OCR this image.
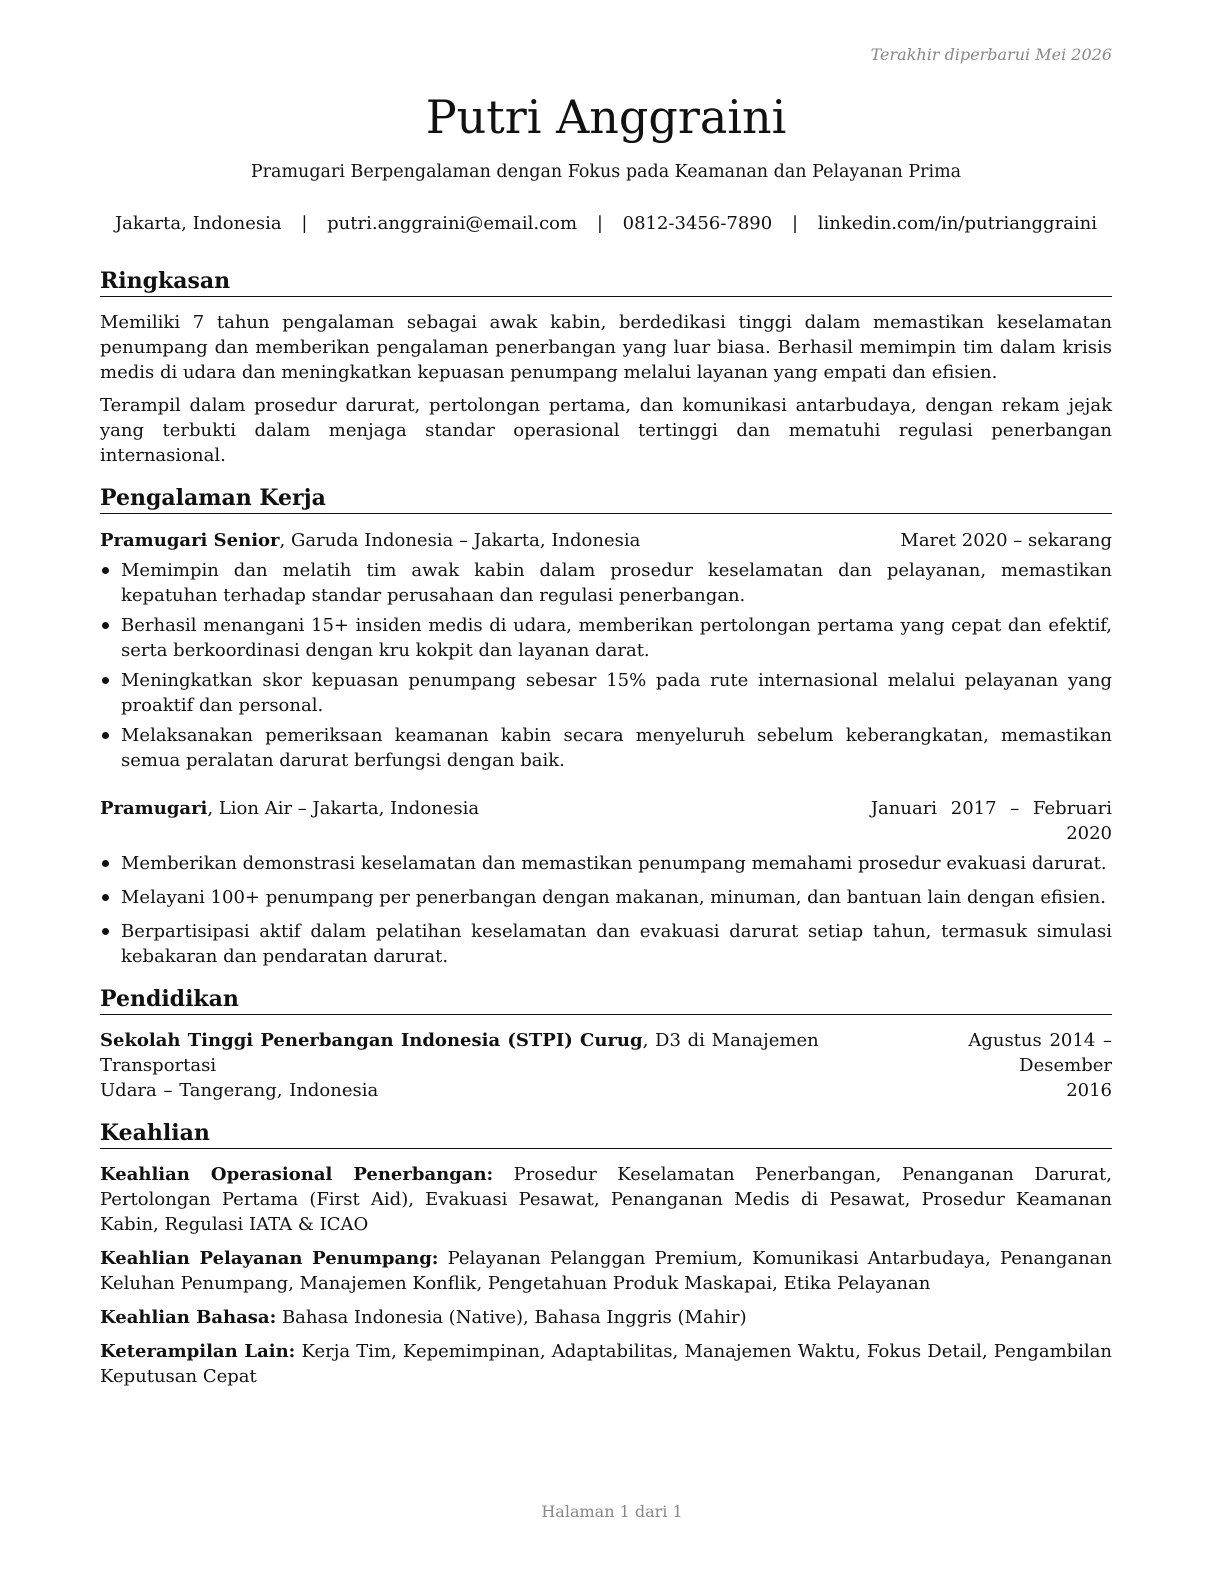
Terakhir diperbarui Mei 2026
Putri Anggraini
Pramugari Berpengalaman dengan Fokus pada Keamanan dan Pelayanan Prima
Jakarta, Indonesia | putri.anggraini@email.com | 0812-3456-7890 | linkedin.com/in/putrianggraini
Ringkasan

Memiliki 7 tahun pengalaman sebagai awak kabin, berdedikasi tinggi dalam memastikan keselamatan penumpang dan memberikan pengalaman penerbangan yang luar biasa. Berhasil memimpin tim dalam krisis medis di udara dan meningkatkan kepuasan penumpang melalui layanan yang empati dan efisien.

Terampil dalam prosedur darurat, pertolongan pertama, dan komunikasi antarbudaya, dengan rekam jejak yang terbukti dalam menjaga standar operasional tertinggi dan mematuhi regulasi penerbangan internasional.

Pengalaman Kerja
Pramugari Senior, Garuda Indonesia – Jakarta, Indonesia	Maret 2020 – sekarang
Memimpin dan melatih tim awak kabin dalam prosedur keselamatan dan pelayanan, memastikan kepatuhan terhadap standar perusahaan dan regulasi penerbangan.
Berhasil menangani 15+ insiden medis di udara, memberikan pertolongan pertama yang cepat dan efektif, serta berkoordinasi dengan kru kokpit dan layanan darat.
Meningkatkan skor kepuasan penumpang sebesar 15% pada rute internasional melalui pelayanan yang proaktif dan personal.
Melaksanakan pemeriksaan keamanan kabin secara menyeluruh sebelum keberangkatan, memastikan semua peralatan darurat berfungsi dengan baik.
Pramugari, Lion Air – Jakarta, Indonesia	Januari 2017 – Februari
2020
Memberikan demonstrasi keselamatan dan memastikan penumpang memahami prosedur evakuasi darurat.
Melayani 100+ penumpang per penerbangan dengan makanan, minuman, dan bantuan lain dengan efisien.
Berpartisipasi aktif dalam pelatihan keselamatan dan evakuasi darurat setiap tahun, termasuk simulasi kebakaran dan pendaratan darurat.
Pendidikan
Sekolah Tinggi Penerbangan Indonesia (STPI) Curug, D3 di Manajemen Transportasi
Udara – Tangerang, Indonesia
Agustus 2014 – Desember
2016
Keahlian
Keahlian Operasional Penerbangan: Prosedur Keselamatan Penerbangan, Penanganan Darurat, Pertolongan Pertama (First Aid), Evakuasi Pesawat, Penanganan Medis di Pesawat, Prosedur Keamanan Kabin, Regulasi IATA & ICAO
Keahlian Pelayanan Penumpang: Pelayanan Pelanggan Premium, Komunikasi Antarbudaya, Penanganan Keluhan Penumpang, Manajemen Konflik, Pengetahuan Produk Maskapai, Etika Pelayanan
Keahlian Bahasa: Bahasa Indonesia (Native), Bahasa Inggris (Mahir)
Keterampilan Lain: Kerja Tim, Kepemimpinan, Adaptabilitas, Manajemen Waktu, Fokus Detail, Pengambilan Keputusan Cepat
Halaman 1 dari 1
